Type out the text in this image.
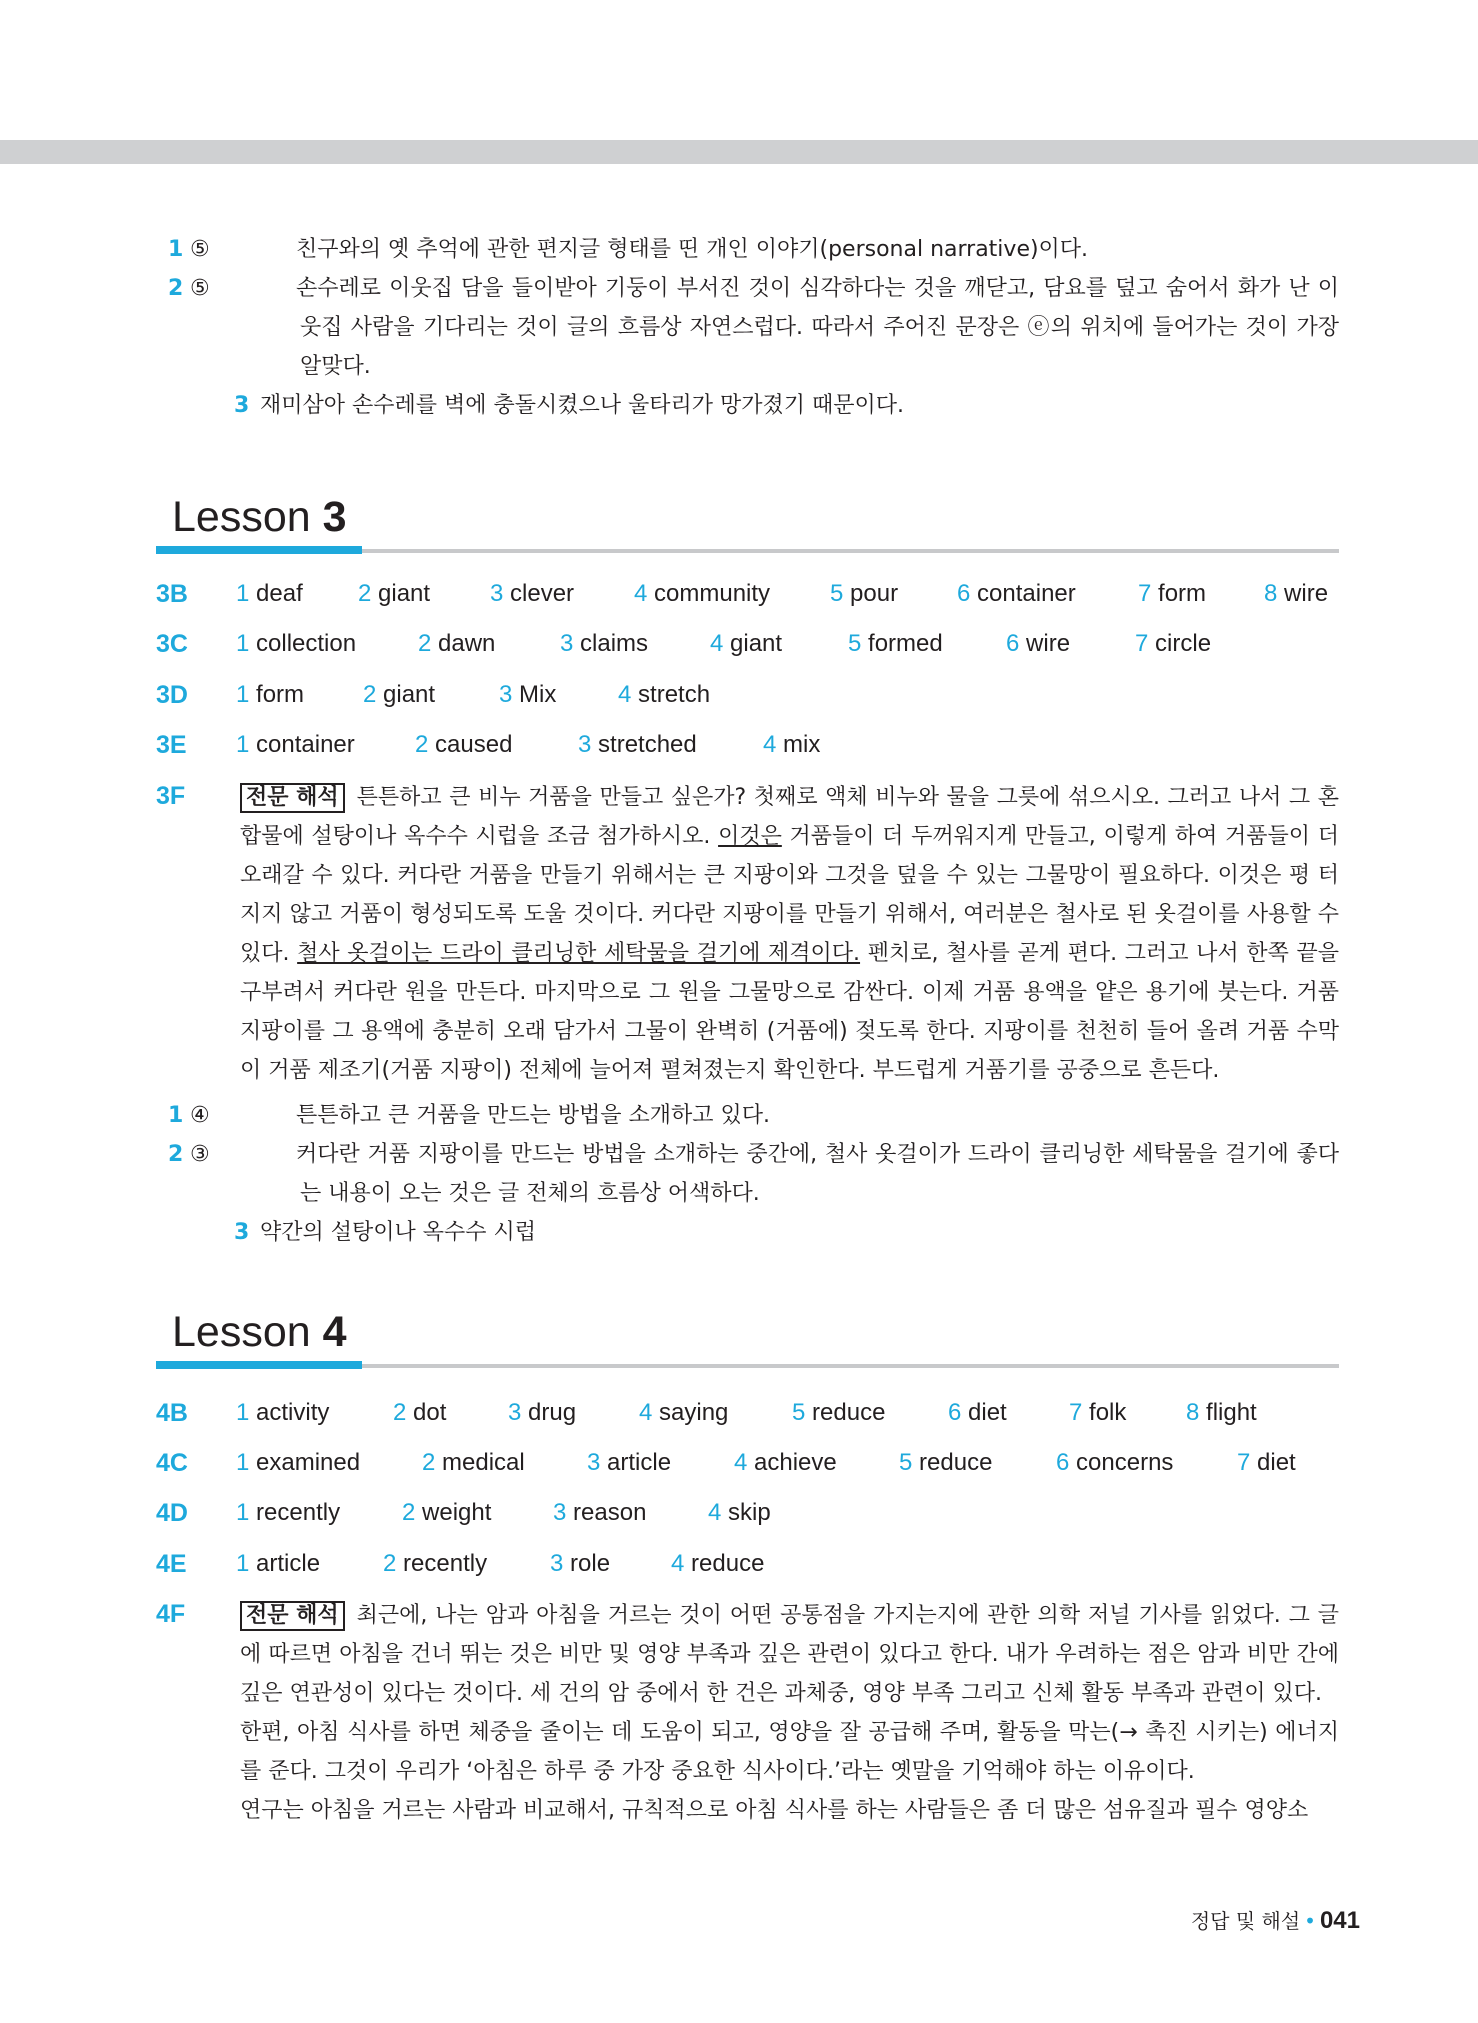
1 ⑤	친구와의 옛 추억에 관한 편지글 형태를 띤 개인 이야기(personal narrative)이다.
2 ⑤	손수레로 이웃집 담을 들이받아 기둥이 부서진 것이 심각하다는 것을 깨닫고, 담요를 덮고 숨어서 화가 난 이웃집 사람을 기다리는 것이 글의 흐름상 자연스럽다. 따라서 주어진 문장은 ⓔ의 위치에 들어가는 것이 가장 알맞다.
3 재미삼아 손수레를 벽에 충돌시켰으나 울타리가 망가졌기 때문이다.
Lesson 3
3B 1 deaf 2 giant 3 clever 4 community 5 pour 6 container	7 form 8 wire
3C 1 collection	2 dawn	3 claims	4 giant	5 formed	6 wire	7 circle
3D 1 form 2 giant	3 Mix	4 stretch
3E 1 container	2 caused	3 stretched	4 mix
3F	전문 해석 튼튼하고 큰 비누 거품을 만들고 싶은가? 첫째로 액체 비누와 물을 그릇에 섞으시오. 그러고 나서 그 혼합물에 설탕이나 옥수수 시럽을 조금 첨가하시오. 이것은 거품들이 더 두꺼워지게 만들고, 이렇게 하여 거품들이 더 오래갈 수 있다. 커다란 거품을 만들기 위해서는 큰 지팡이와 그것을 덮을 수 있는 그물망이 필요하다. 이것은 평 터지지 않고 거품이 형성되도록 도울 것이다. 커다란 지팡이를 만들기 위해서, 여러분은 철사로 된 옷걸이를 사용할 수 있다. 철사 옷걸이는 드라이 클리닝한 세탁물을 걸기에 제격이다. 펜치로, 철사를 곧게 편다. 그러고 나서 한쪽 끝을 구부려서 커다란 원을 만든다. 마지막으로 그 원을 그물망으로 감싼다. 이제 거품 용액을 얕은 용기에 붓는다. 거품 지팡이를 그 용액에 충분히 오래 담가서 그물이 완벽히 (거품에) 젖도록 한다. 지팡이를 천천히 들어 올려 거품 수막이 거품 제조기(거품 지팡이) 전체에 늘어져 펼쳐졌는지 확인한다. 부드럽게 거품기를 공중으로 흔든다.
1 ④	튼튼하고 큰 거품을 만드는 방법을 소개하고 있다.
2 ③	커다란 거품 지팡이를 만드는 방법을 소개하는 중간에, 철사 옷걸이가 드라이 클리닝한 세탁물을 걸기에 좋다는 내용이 오는 것은 글 전체의 흐름상 어색하다.
3 약간의 설탕이나 옥수수 시럽
Lesson 4
4B 1 activity	2 dot	3 drug	4 saying	5 reduce	6 diet	7 folk 8 flight
4C 1 examined	2 medical	3 article	4 achieve	5 reduce	6 concerns	7 diet
4D 1 recently	2 weight	3 reason	4 skip
4E 1 article	2 recently	3 role	4 reduce
4F	전문 해석 최근에, 나는 암과 아침을 거르는 것이 어떤 공통점을 가지는지에 관한 의학 저널 기사를 읽었다. 그 글에 따르면 아침을 건너 뛰는 것은 비만 및 영양 부족과 깊은 관련이 있다고 한다. 내가 우려하는 점은 암과 비만 간에 깊은 연관성이 있다는 것이다. 세 건의 암 중에서 한 건은 과체중, 영양 부족 그리고 신체 활동 부족과 관련이 있다.
한편, 아침 식사를 하면 체중을 줄이는 데 도움이 되고, 영양을 잘 공급해 주며, 활동을 막는(→ 촉진 시키는) 에너지를 준다. 그것이 우리가 ‘아침은 하루 중 가장 중요한 식사이다.’라는 옛말을 기억해야 하는 이유이다.
연구는 아침을 거르는 사람과 비교해서, 규칙적으로 아침 식사를 하는 사람들은 좀 더 많은 섬유질과 필수 영양소
정답 및 해설 • 041
